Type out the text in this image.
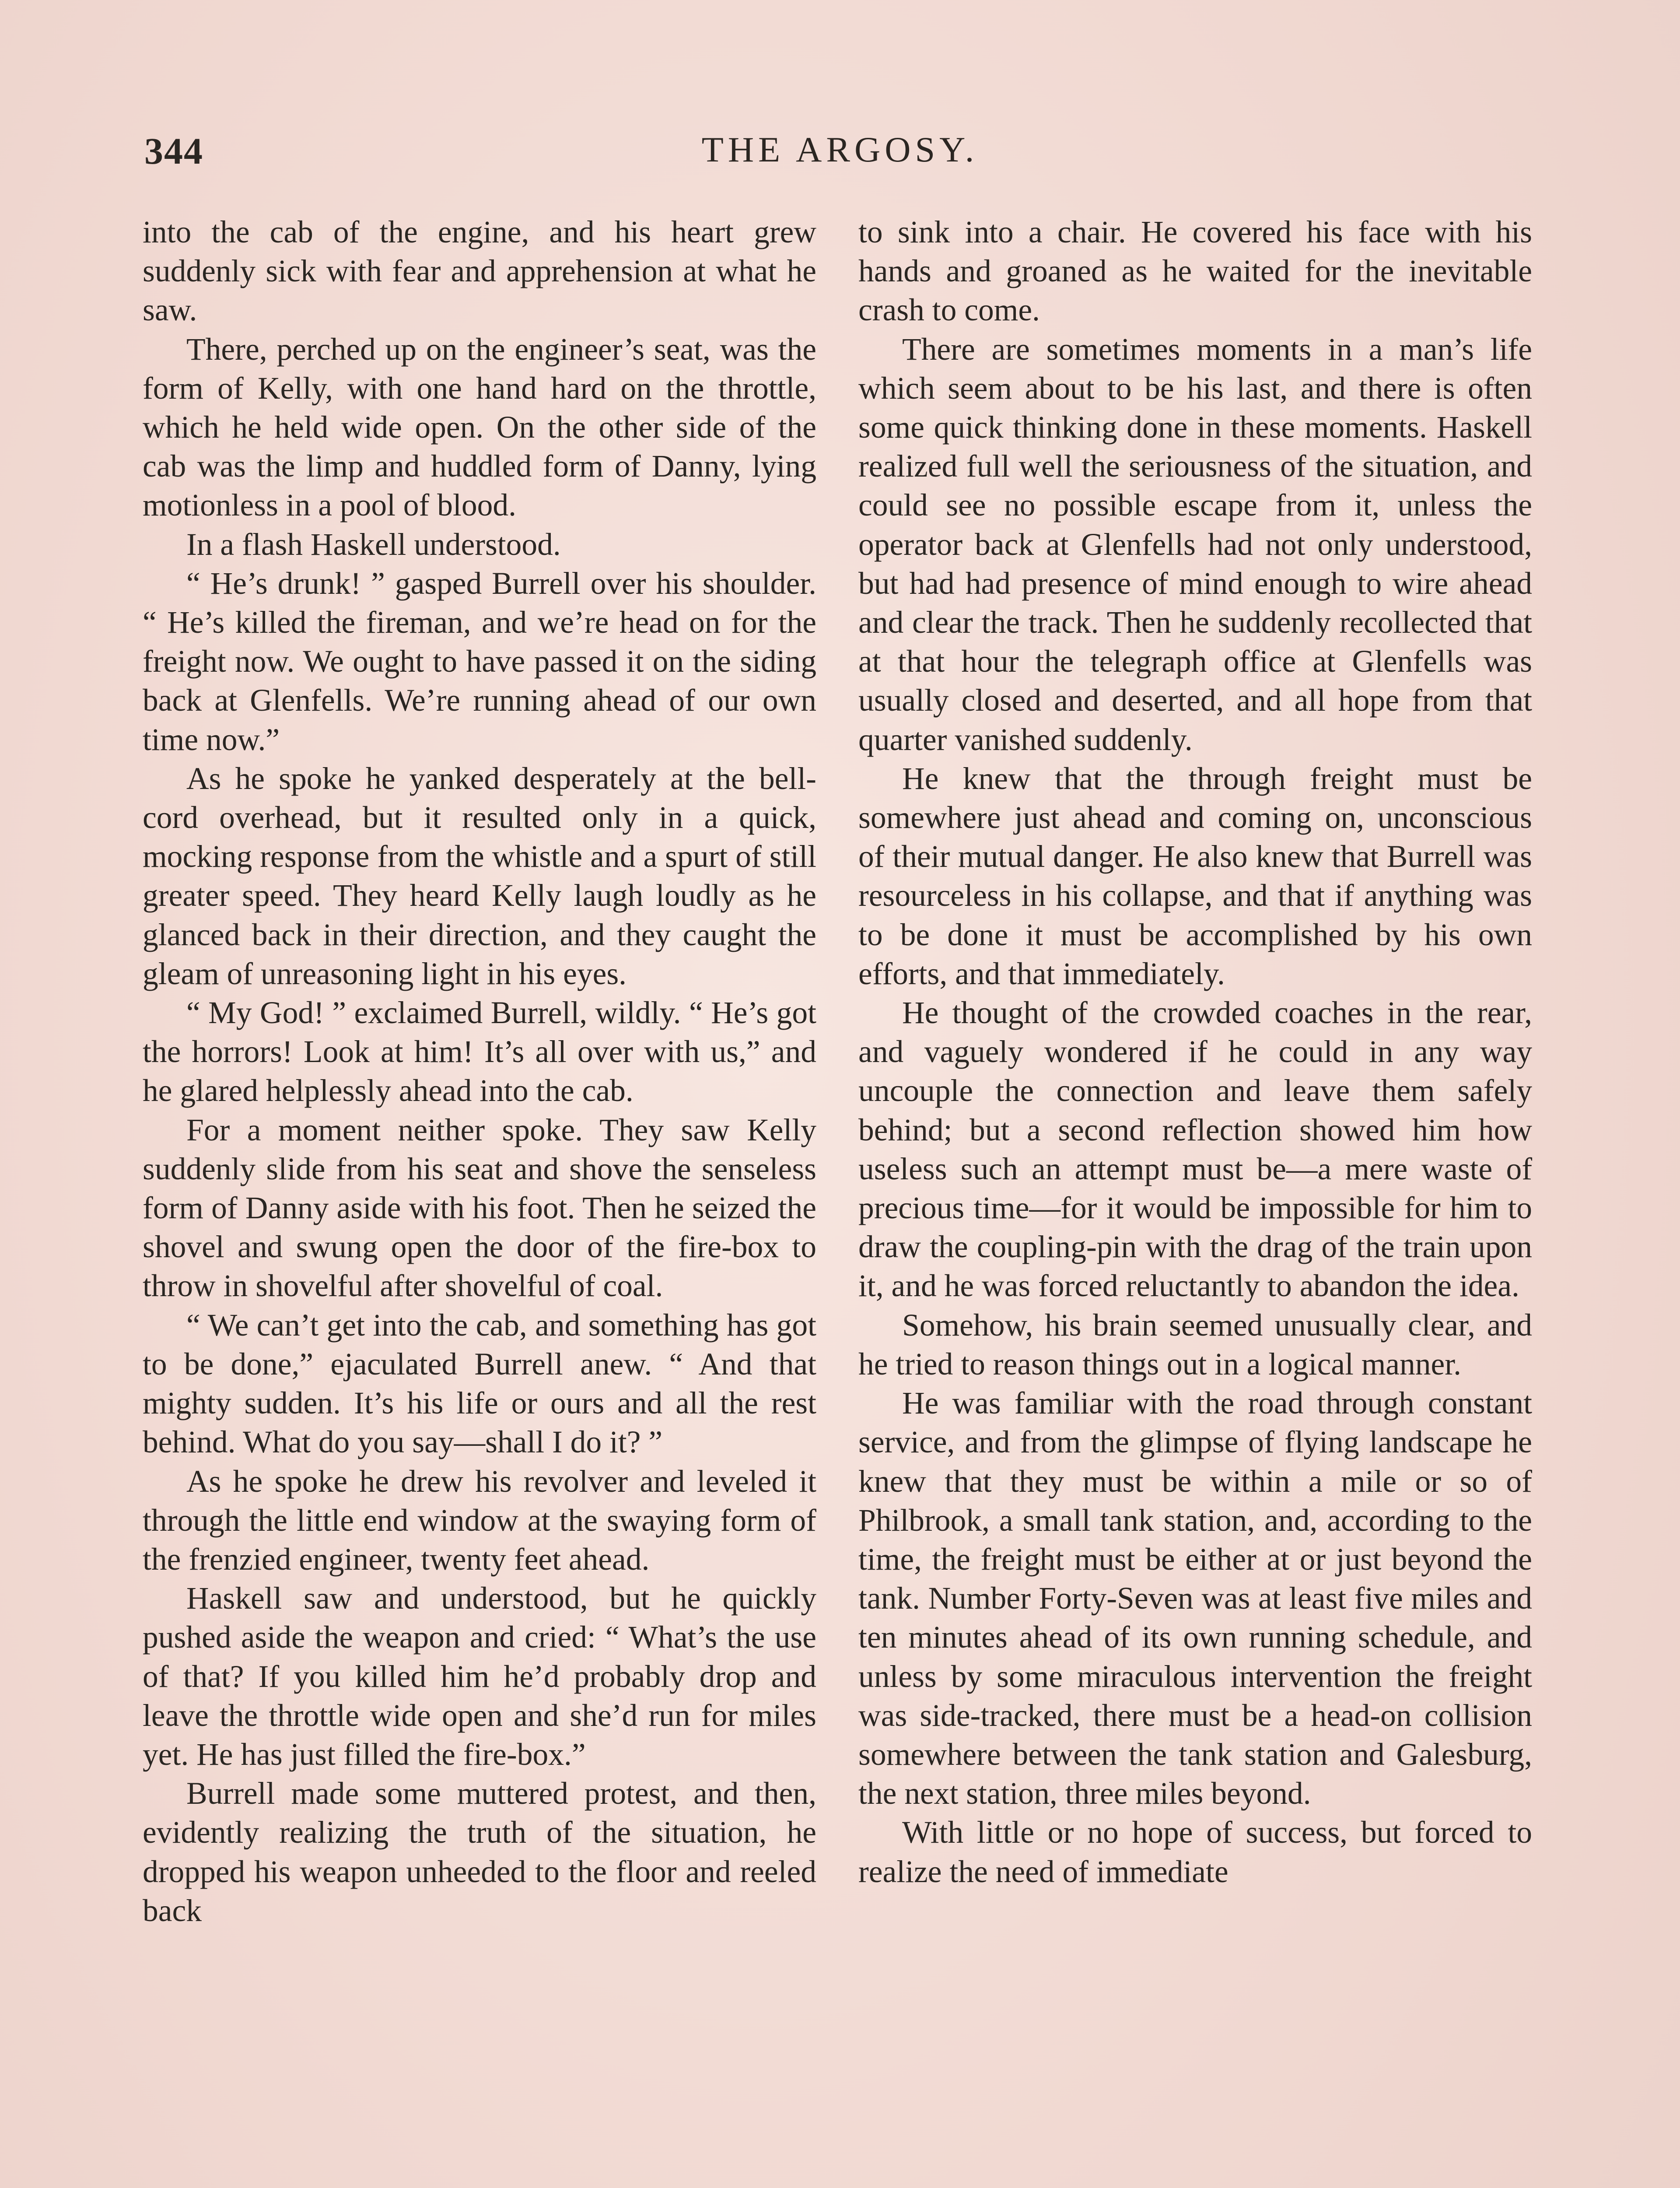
344	THE ARGOSY.

into the cab of the engine, and his heart grew suddenly sick with fear and apprehension at what he saw.

There, perched up on the engineer’s seat, was the form of Kelly, with one hand hard on the throttle, which he held wide open. On the other side of the cab was the limp and huddled form of Danny, lying motionless in a pool of blood.

In a flash Haskell understood.

“ He’s drunk! ” gasped Burrell over his shoulder. “ He’s killed the fireman, and we’re head on for the freight now. We ought to have passed it on the siding back at Glenfells. We’re running ahead of our own time now.”

As he spoke he yanked desperately at the bell-cord overhead, but it resulted only in a quick, mocking response from the whistle and a spurt of still greater speed. They heard Kelly laugh loudly as he glanced back in their direction, and they caught the gleam of unreasoning light in his eyes.

“ My God! ” exclaimed Burrell, wildly. “ He’s got the horrors! Look at him! It’s all over with us,” and he glared helplessly ahead into the cab.

For a moment neither spoke. They saw Kelly suddenly slide from his seat and shove the senseless form of Danny aside with his foot. Then he seized the shovel and swung open the door of the fire-box to throw in shovelful after shovelful of coal.

“ We can’t get into the cab, and something has got to be done,” ejaculated Burrell anew. “ And that mighty sudden. It’s his life or ours and all the rest behind. What do you say—shall I do it? ”

As he spoke he drew his revolver and leveled it through the little end window at the swaying form of the frenzied engineer, twenty feet ahead.

Haskell saw and understood, but he quickly pushed aside the weapon and cried: “ What’s the use of that? If you killed him he’d probably drop and leave the throttle wide open and she’d run for miles yet. He has just filled the fire-box.”

Burrell made some muttered protest, and then, evidently realizing the truth of the situation, he dropped his weapon unheeded to the floor and reeled back

to sink into a chair. He covered his face with his hands and groaned as he waited for the inevitable crash to come.

There are sometimes moments in a man’s life which seem about to be his last, and there is often some quick thinking done in these moments. Haskell realized full well the seriousness of the situation, and could see no possible escape from it, unless the operator back at Glenfells had not only understood, but had had presence of mind enough to wire ahead and clear the track. Then he suddenly recollected that at that hour the telegraph office at Glenfells was usually closed and deserted, and all hope from that quarter vanished suddenly.

He knew that the through freight must be somewhere just ahead and coming on, unconscious of their mutual danger. He also knew that Burrell was resourceless in his collapse, and that if anything was to be done it must be accomplished by his own efforts, and that immediately.

He thought of the crowded coaches in the rear, and vaguely wondered if he could in any way uncouple the connection and leave them safely behind; but a second reflection showed him how useless such an attempt must be—a mere waste of precious time—for it would be impossible for him to draw the coupling-pin with the drag of the train upon it, and he was forced reluctantly to abandon the idea.

Somehow, his brain seemed unusually clear, and he tried to reason things out in a logical manner.

He was familiar with the road through constant service, and from the glimpse of flying landscape he knew that they must be within a mile or so of Philbrook, a small tank station, and, according to the time, the freight must be either at or just beyond the tank. Number Forty-Seven was at least five miles and ten minutes ahead of its own running schedule, and unless by some miraculous intervention the freight was side-tracked, there must be a head-on collision somewhere between the tank station and Galesburg, the next station, three miles beyond.

With little or no hope of success, but forced to realize the need of immediate
